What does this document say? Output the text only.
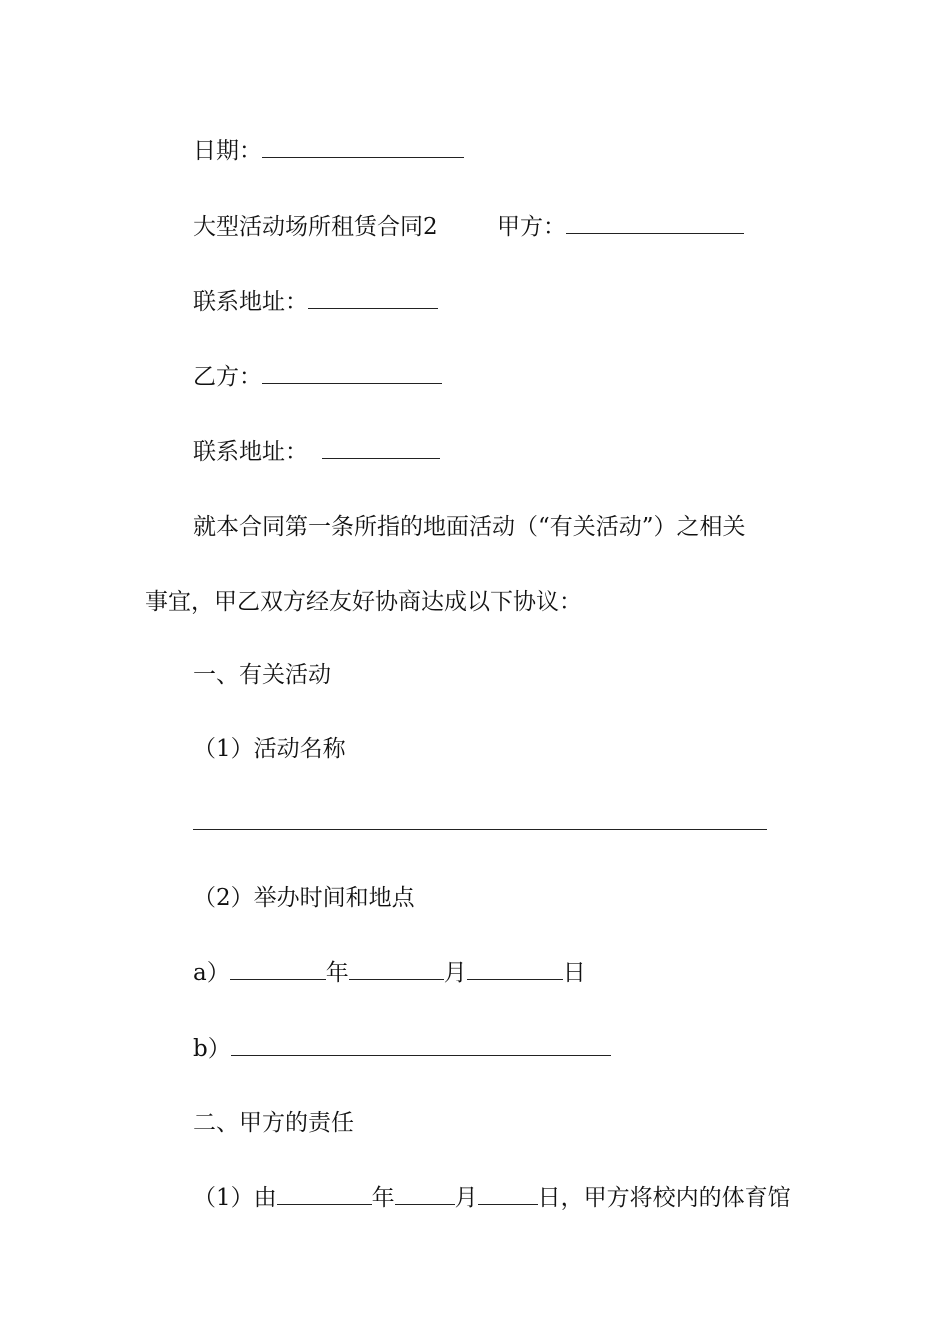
日期：
大型活动场所租赁合同2	甲方：
联系地址：
乙方：
联系地址：
就本合同第一条所指的地面活动（“有关活动”）之相关
事宜，甲乙双方经友好协商达成以下协议：
一、有关活动
（1）活动名称
（2）举办时间和地点
a）	年	月	日
b）
二、甲方的责任
（1）由	年	月	日，甲方将校内的体育馆
